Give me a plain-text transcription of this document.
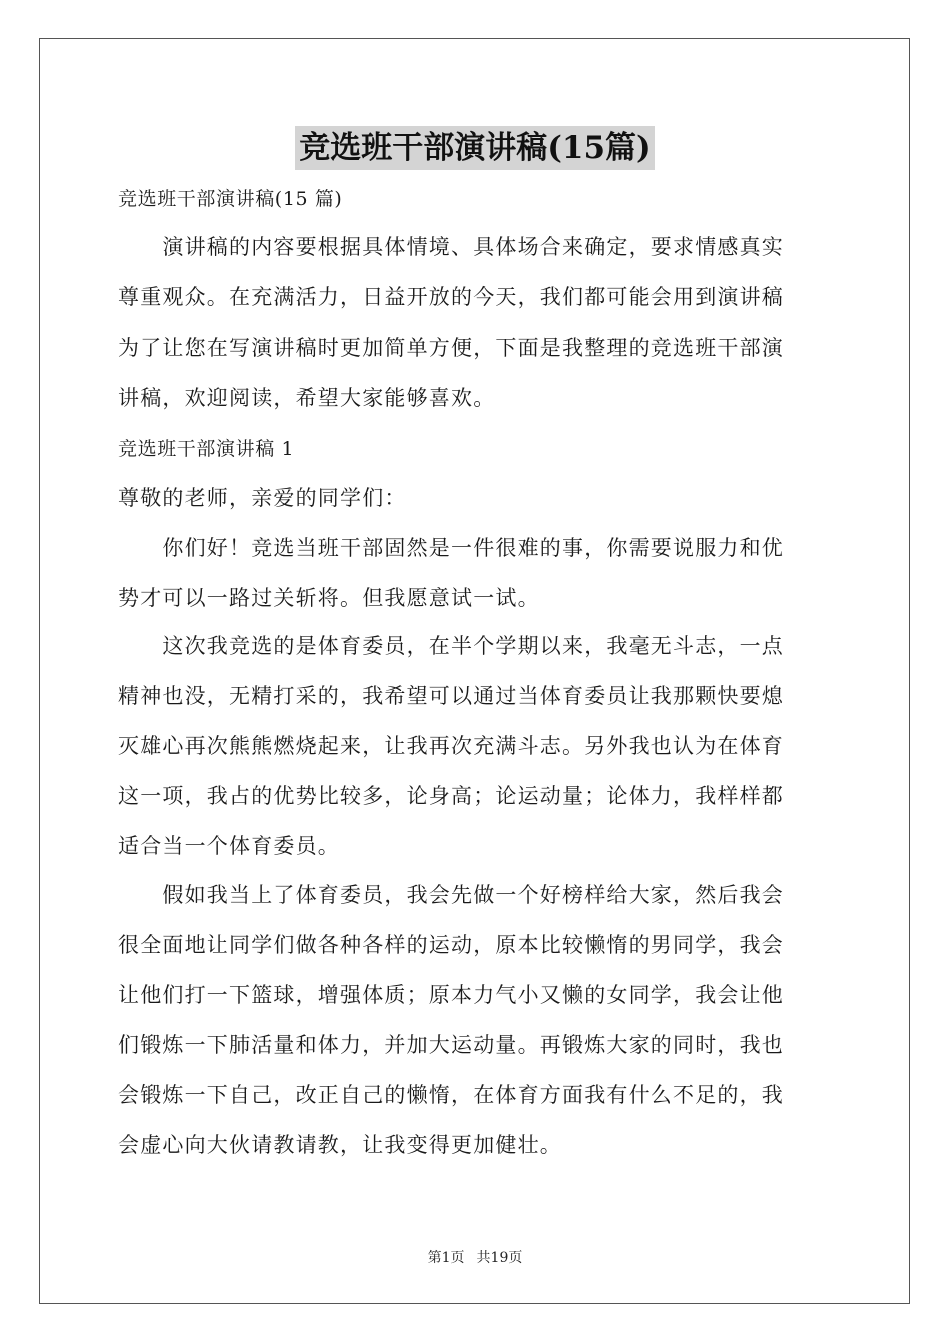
竞选班干部演讲稿(15篇)
竞选班干部演讲稿(15 篇)
　　演讲稿的内容要根据具体情境、具体场合来确定，要求情感真实
尊重观众。在充满活力，日益开放的今天，我们都可能会用到演讲稿
为了让您在写演讲稿时更加简单方便，下面是我整理的竞选班干部演
讲稿，欢迎阅读，希望大家能够喜欢。
竞选班干部演讲稿 1
尊敬的老师，亲爱的同学们：
　　你们好！竞选当班干部固然是一件很难的事，你需要说服力和优
势才可以一路过关斩将。但我愿意试一试。
　　这次我竞选的是体育委员，在半个学期以来，我毫无斗志，一点
精神也没，无精打采的，我希望可以通过当体育委员让我那颗快要熄
灭雄心再次熊熊燃烧起来，让我再次充满斗志。另外我也认为在体育
这一项，我占的优势比较多，论身高；论运动量；论体力，我样样都
适合当一个体育委员。
　　假如我当上了体育委员，我会先做一个好榜样给大家，然后我会
很全面地让同学们做各种各样的运动，原本比较懒惰的男同学，我会
让他们打一下篮球，增强体质；原本力气小又懒的女同学，我会让他
们锻炼一下肺活量和体力，并加大运动量。再锻炼大家的同时，我也
会锻炼一下自己，改正自己的懒惰，在体育方面我有什么不足的，我
会虚心向大伙请教请教，让我变得更加健壮。
第1页 共19页
